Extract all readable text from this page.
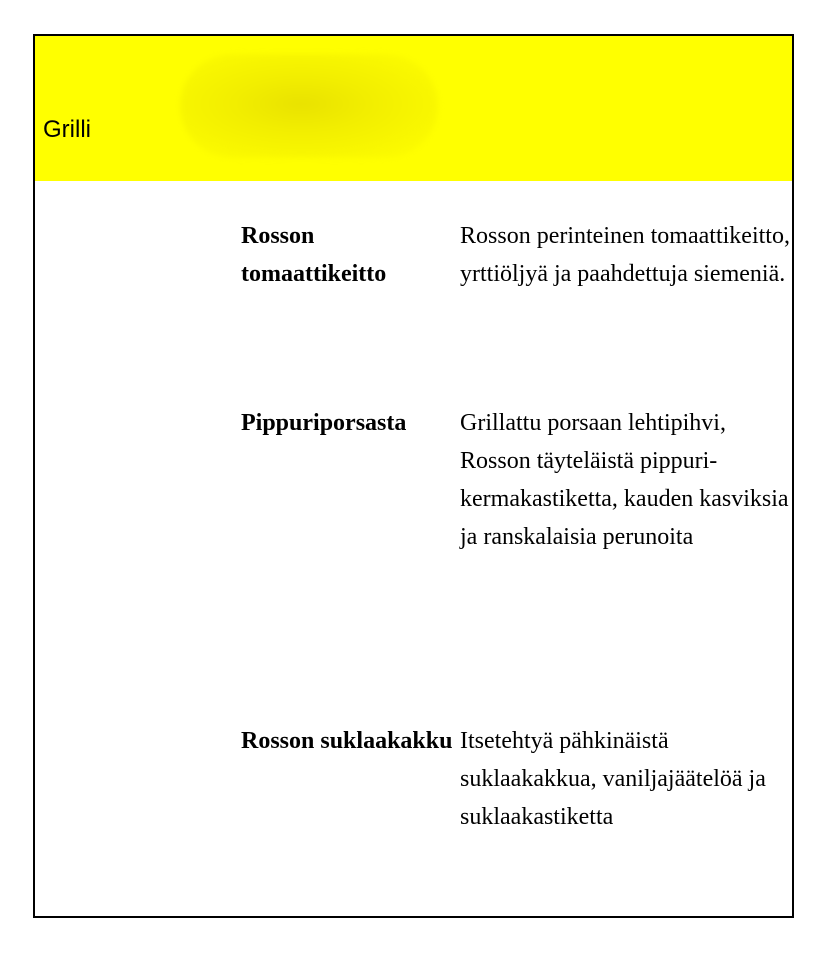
Grilli
Rosson tomaattikeitto
Rosson perinteinen tomaattikeitto, yrttiöljyä ja paahdettuja siemeniä.
Pippuriporsasta	Grillattu porsaan lehtipihvi, Rosson täyteläistä pippuri-kermakastiketta, kauden kasviksia ja ranskalaisia perunoita
Rosson suklaakakku Itsetehtyä pähkinäistä suklaakakkua, vaniljajäätelöä ja suklaakastiketta
